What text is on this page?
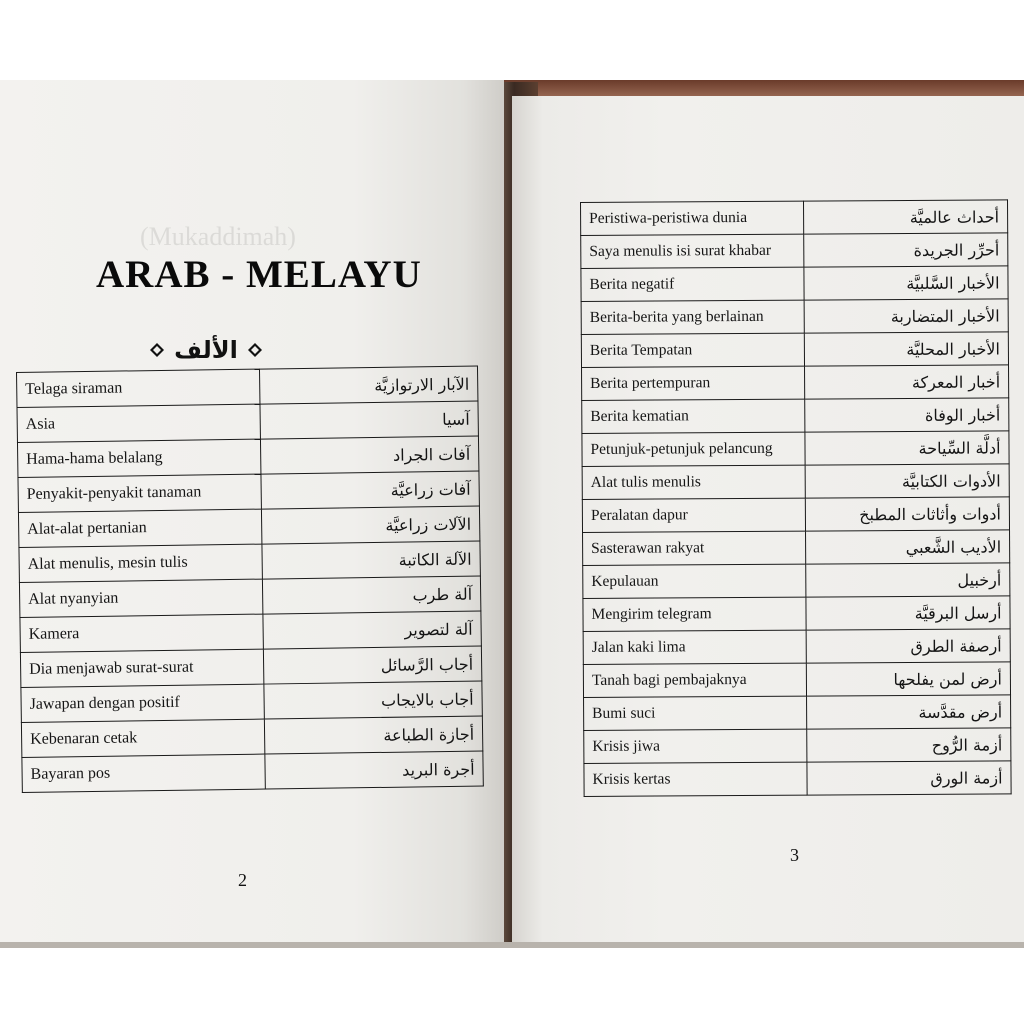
(Mukaddimah)
ARAB - MELAYU
الألف
Telaga siraman	الآبار الارتوازيَّة
Asia	آسيا
Hama-hama belalang	آفات الجراد
Penyakit-penyakit tanaman	آفات زراعيَّة
Alat-alat pertanian	الآلات زراعيَّة
Alat menulis, mesin tulis	الآلة الكاتبة
Alat nyanyian	آلة طرب
Kamera	آلة لتصوير
Dia menjawab surat-surat	أجاب الرَّسائل
Jawapan dengan positif	أجاب بالايجاب
Kebenaran cetak	أجازة الطباعة
Bayaran pos	أجرة البريد
2
Peristiwa-peristiwa dunia	أحداث عالميَّة
Saya menulis isi surat khabar	أحرِّر الجريدة
Berita negatif	الأخبار السَّلبيَّة
Berita-berita yang berlainan	الأخبار المتضاربة
Berita Tempatan	الأخبار المحليَّة
Berita pertempuran	أخبار المعركة
Berita kematian	أخبار الوفاة
Petunjuk-petunjuk pelancung	أدلَّة السِّياحة
Alat tulis menulis	الأدوات الكتابيَّة
Peralatan dapur	أدوات وأثاثات المطبخ
Sasterawan rakyat	الأديب الشَّعبي
Kepulauan	أرخبيل
Mengirim telegram	أرسل البرقيَّة
Jalan kaki lima	أرصفة الطرق
Tanah bagi pembajaknya	أرض لمن يفلحها
Bumi suci	أرض مقدَّسة
Krisis jiwa	أزمة الرُّوح
Krisis kertas	أزمة الورق
3
